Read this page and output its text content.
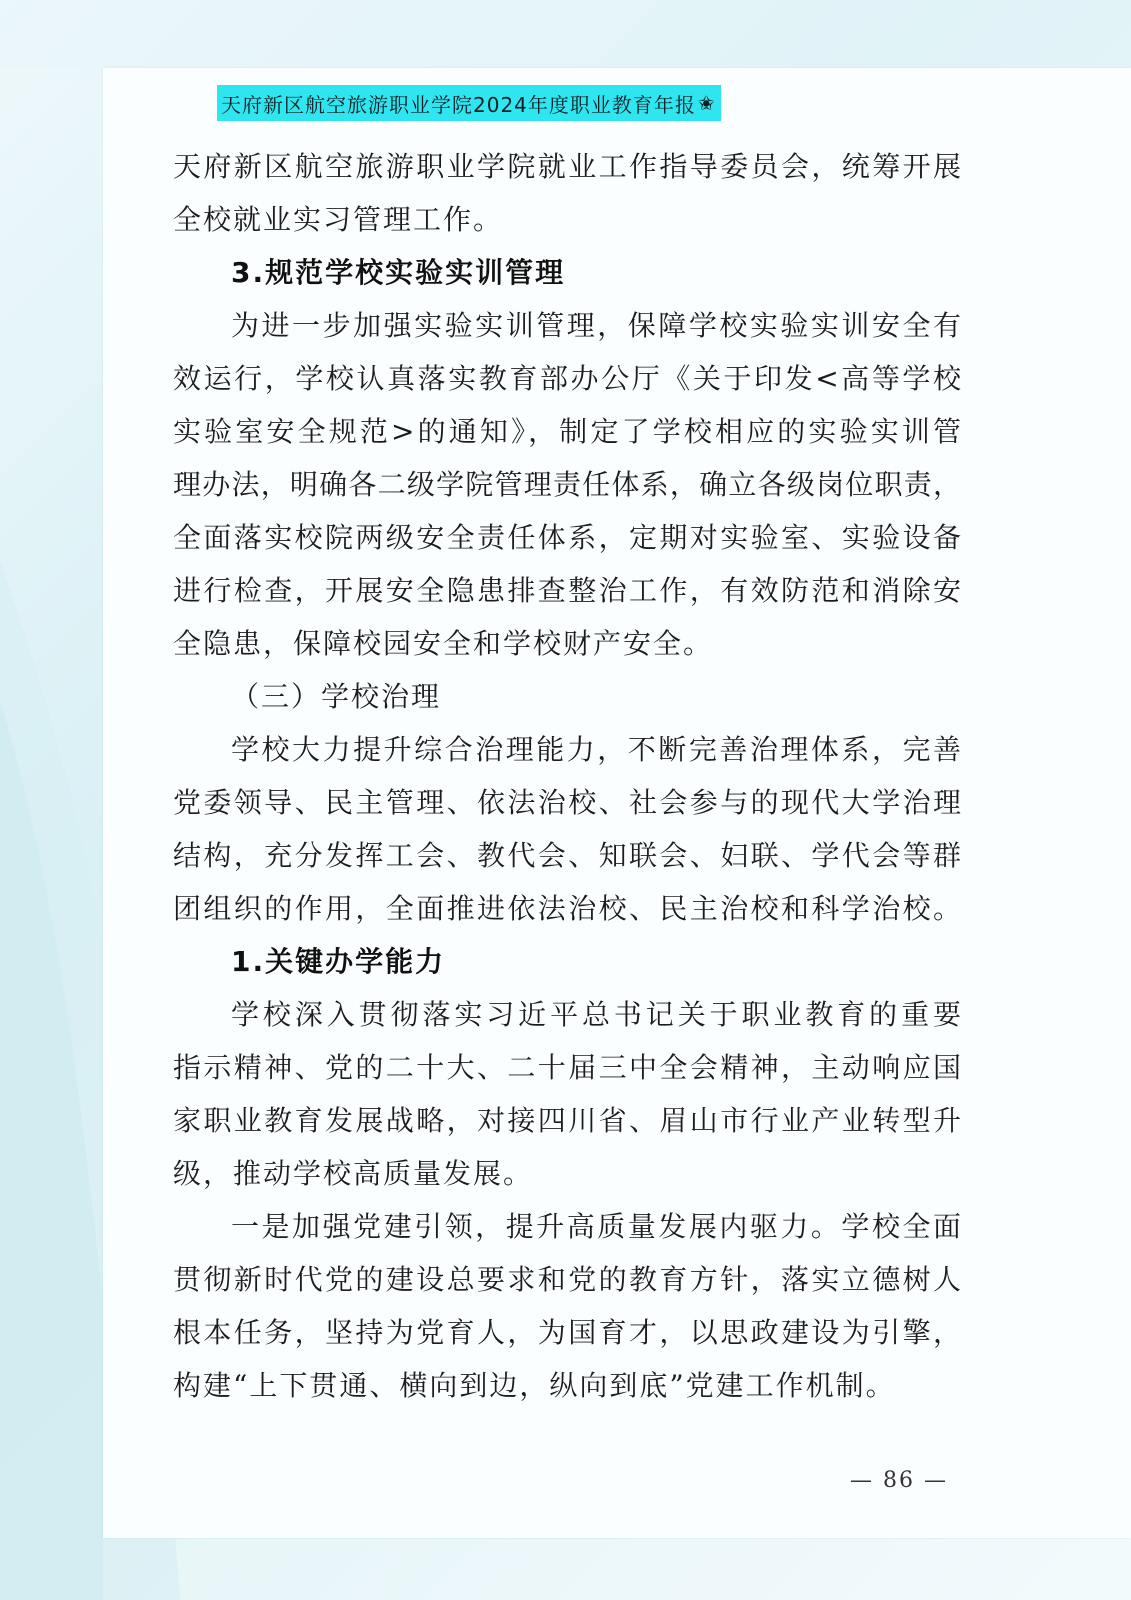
天府新区航空旅游职业学院2024年度职业教育年报 ✬
天府新区航空旅游职业学院就业工作指导委员会，统筹开展
全校就业实习管理工作。
3.规范学校实验实训管理
为进一步加强实验实训管理，保障学校实验实训安全有
效运行，学校认真落实教育部办公厅《关于印发<高等学校
实验室安全规范>的通知》，制定了学校相应的实验实训管
理办法，明确各二级学院管理责任体系，确立各级岗位职责，
全面落实校院两级安全责任体系，定期对实验室、实验设备
进行检查，开展安全隐患排查整治工作，有效防范和消除安
全隐患，保障校园安全和学校财产安全。
（三）学校治理
学校大力提升综合治理能力，不断完善治理体系，完善
党委领导、民主管理、依法治校、社会参与的现代大学治理
结构，充分发挥工会、教代会、知联会、妇联、学代会等群
团组织的作用，全面推进依法治校、民主治校和科学治校。
1.关键办学能力
学校深入贯彻落实习近平总书记关于职业教育的重要
指示精神、党的二十大、二十届三中全会精神，主动响应国
家职业教育发展战略，对接四川省、眉山市行业产业转型升
级，推动学校高质量发展。
一是加强党建引领，提升高质量发展内驱力。学校全面
贯彻新时代党的建设总要求和党的教育方针，落实立德树人
根本任务，坚持为党育人，为国育才，以思政建设为引擎，
构建“上下贯通、横向到边，纵向到底”党建工作机制。
— 86 —
